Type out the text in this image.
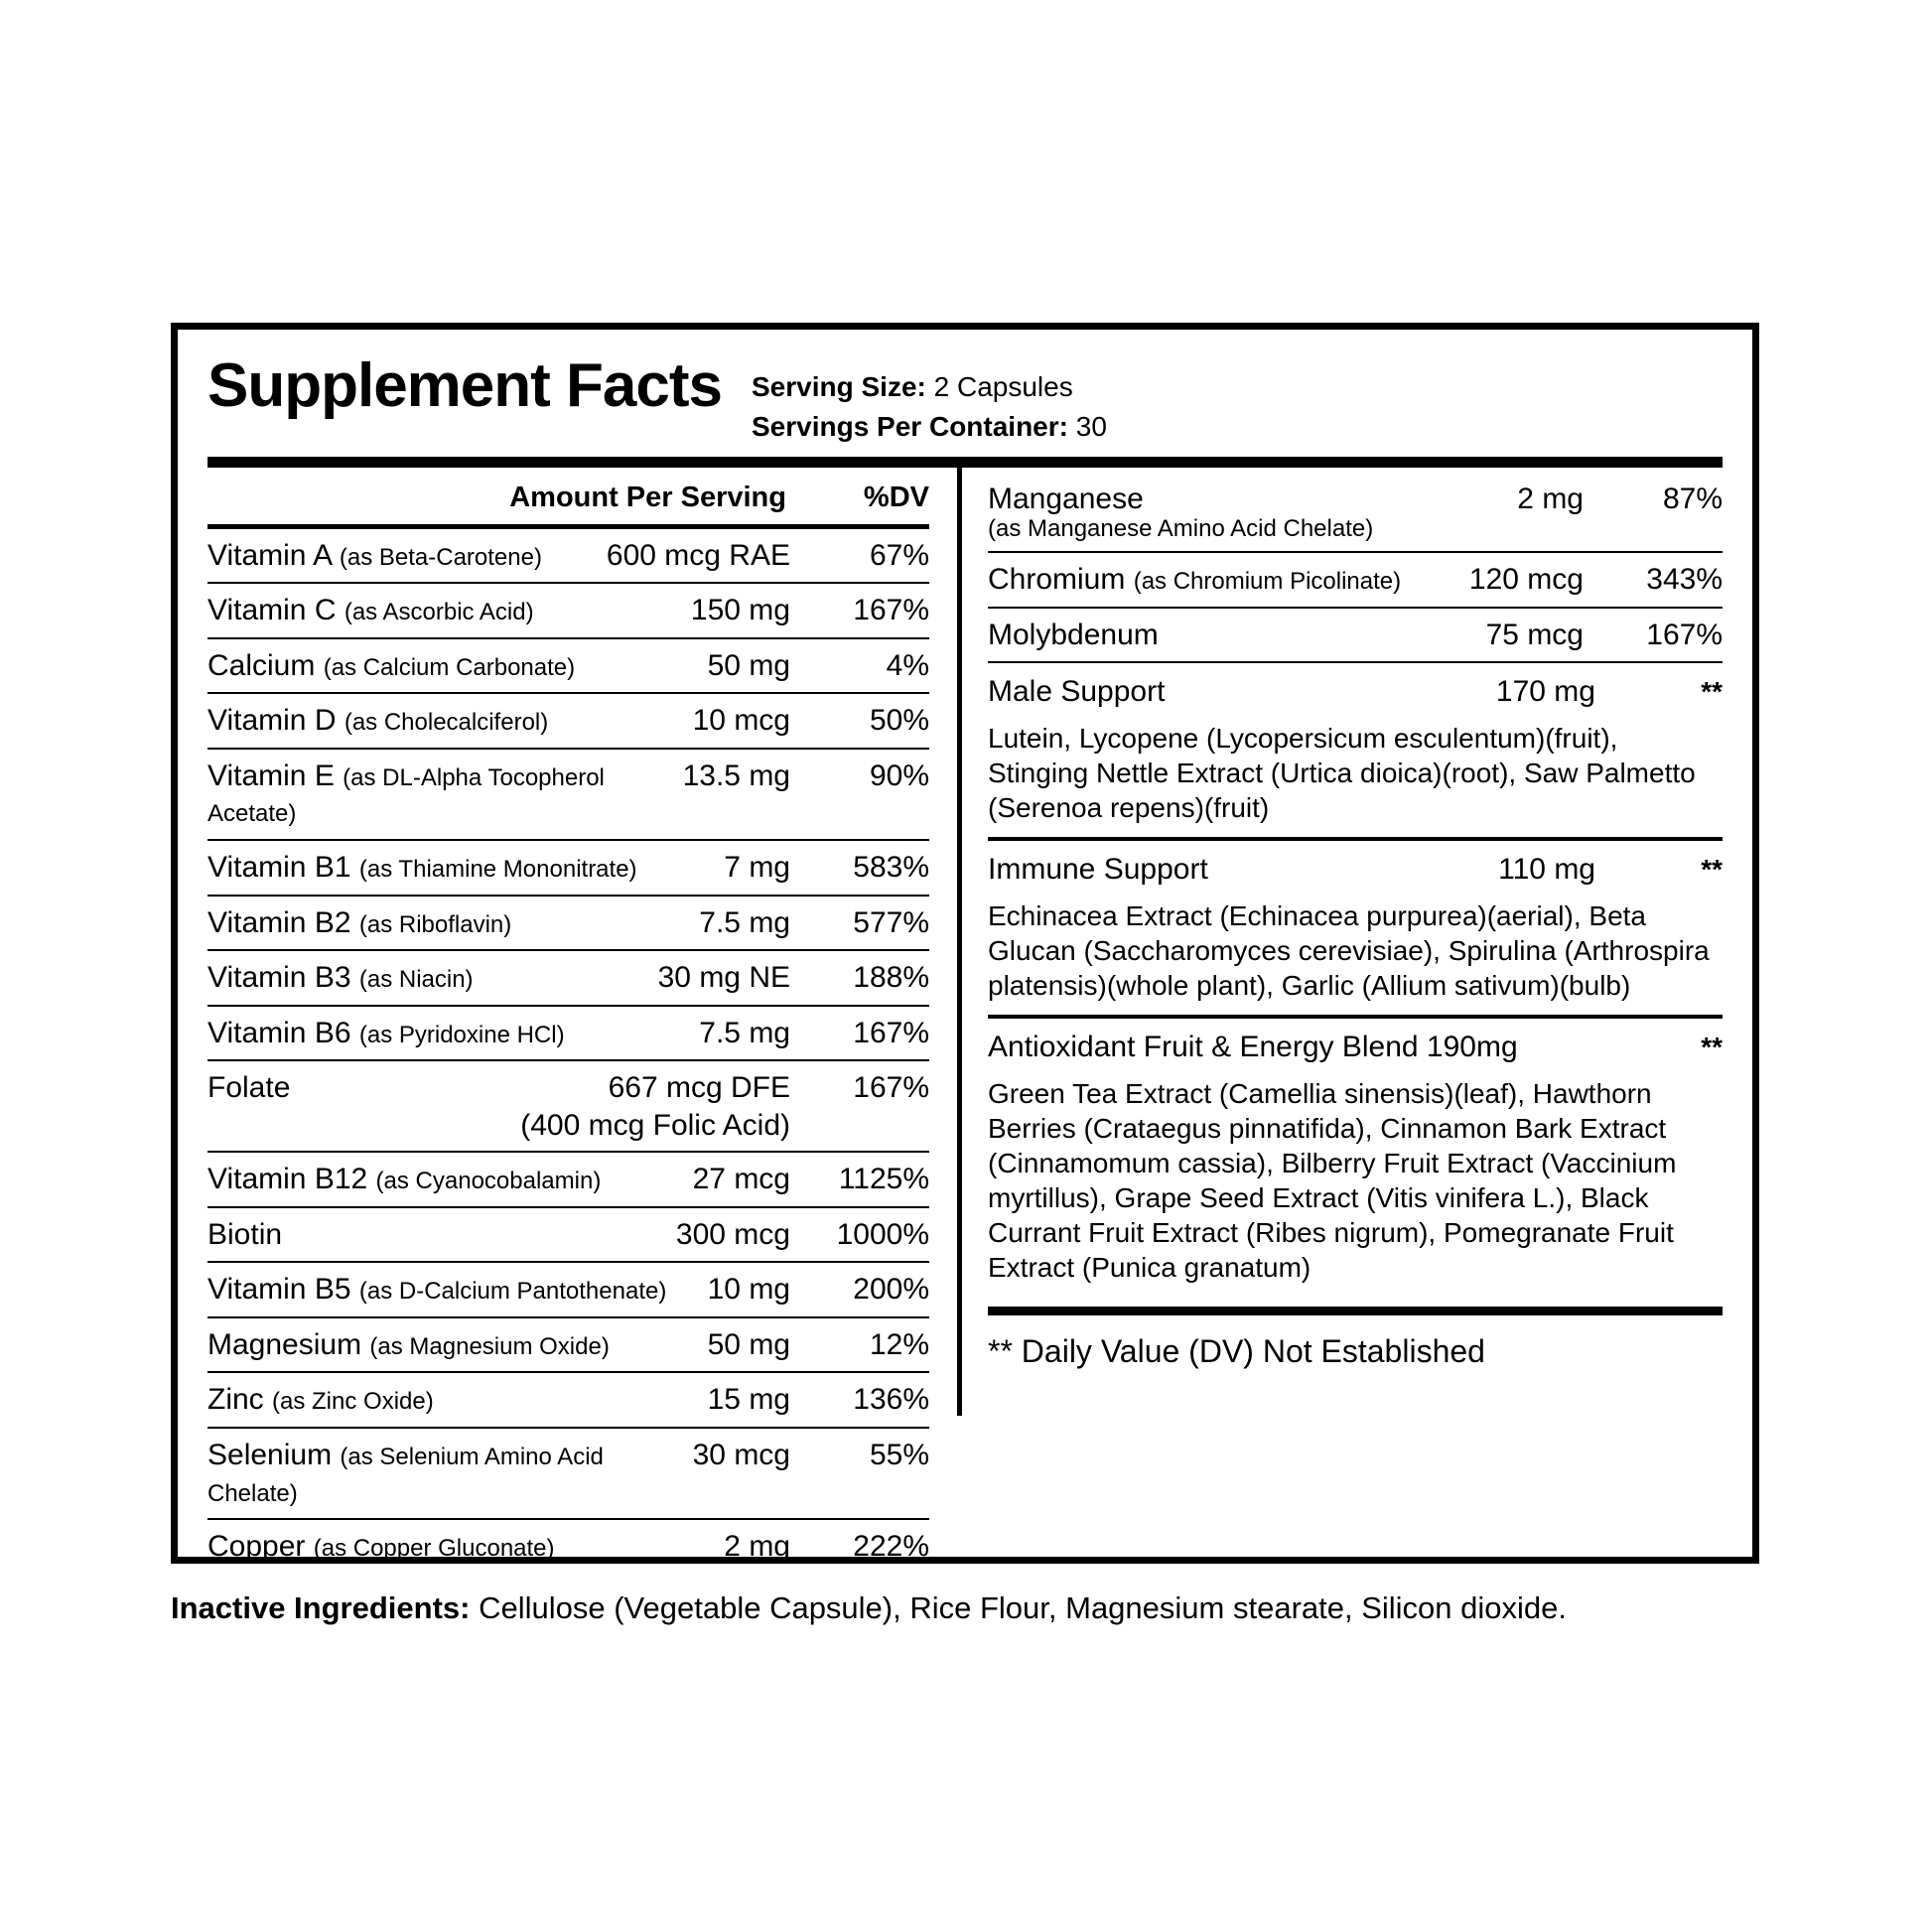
Supplement Facts Serving Size: 2 Capsules
Servings Per Container: 30
Amount Per Serving	%DV
Vitamin A (as Beta-Carotene)	600 mcg RAE	67%
Vitamin C (as Ascorbic Acid)	150 mg	167%
Calcium (as Calcium Carbonate)	50 mg	4%
Vitamin D (as Cholecalciferol)	10 mcg	50%
Vitamin E (as DL-Alpha Tocopherol Acetate)
13.5 mg	90%
Vitamin B1 (as Thiamine Mononitrate)	7 mg	583%
Vitamin B2 (as Riboflavin)	7.5 mg	577%
Vitamin B3 (as Niacin)	30 mg NE	188%
Vitamin B6 (as Pyridoxine HCl)	7.5 mg	167%
Folate	667 mcg DFE	167%
(400 mcg Folic Acid)
Vitamin B12 (as Cyanocobalamin)	27 mcg	1125%
Biotin	300 mcg	1000%
Vitamin B5 (as D-Calcium Pantothenate)	10 mg	200%
Magnesium (as Magnesium Oxide)	50 mg	12%
Zinc (as Zinc Oxide)	15 mg	136%
Selenium (as Selenium Amino Acid Chelate)
30 mcg	55%
Copper (as Copper Gluconate)	2 mg	222%
Manganese	2 mg	87%
(as Manganese Amino Acid Chelate)
Chromium (as Chromium Picolinate)	120 mcg	343%
Molybdenum	75 mcg	167%
Male Support	170 mg	**
Lutein, Lycopene (Lycopersicum esculentum)(fruit), Stinging Nettle Extract (Urtica dioica)(root), Saw Palmetto (Serenoa repens)(fruit)
Immune Support	110 mg	**
Echinacea Extract (Echinacea purpurea)(aerial), Beta Glucan (Saccharomyces cerevisiae), Spirulina (Arthrospira platensis)(whole plant), Garlic (Allium sativum)(bulb)
Antioxidant Fruit & Energy Blend 190mg	**
Green Tea Extract (Camellia sinensis)(leaf), Hawthorn Berries (Crataegus pinnatifida), Cinnamon Bark Extract (Cinnamomum cassia), Bilberry Fruit Extract (Vaccinium myrtillus), Grape Seed Extract (Vitis vinifera L.), Black Currant Fruit Extract (Ribes nigrum), Pomegranate Fruit Extract (Punica granatum)
** Daily Value (DV) Not Established
Inactive Ingredients: Cellulose (Vegetable Capsule), Rice Flour, Magnesium stearate, Silicon dioxide.
